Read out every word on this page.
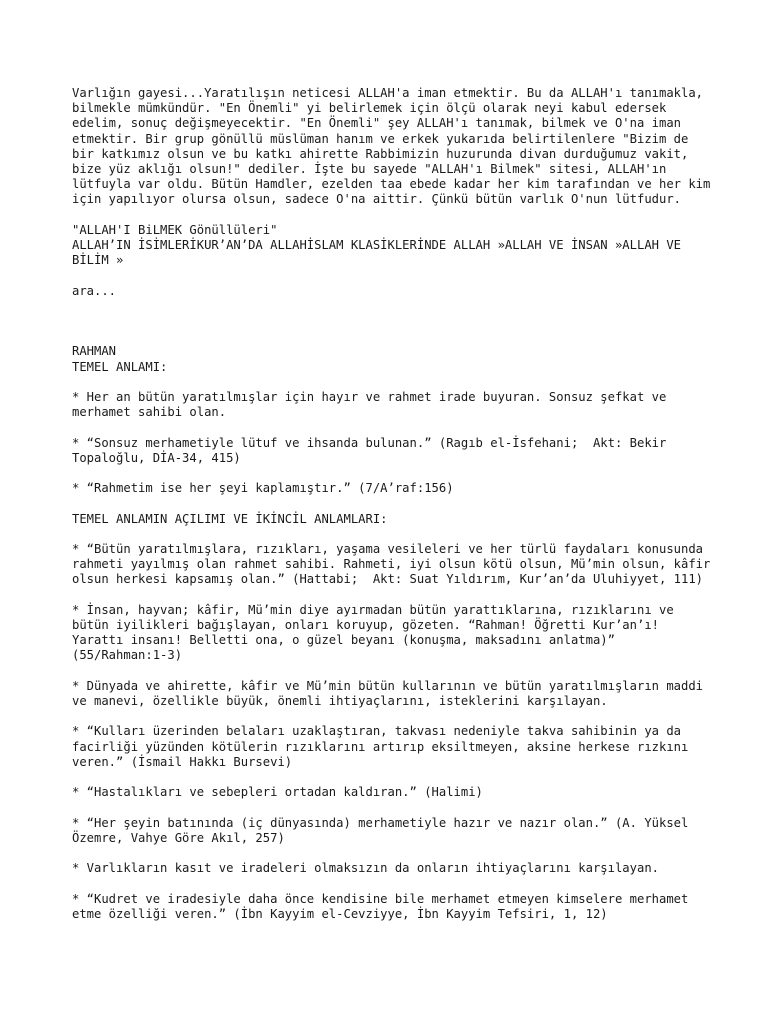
Varlığın gayesi...Yaratılışın neticesi ALLAH'a iman etmektir. Bu da ALLAH'ı tanımakla, bilmekle mümkündür. "En Önemli" yi belirlemek için ölçü olarak neyi kabul edersek edelim, sonuç değişmeyecektir. "En Önemli" şey ALLAH'ı tanımak, bilmek ve O'na iman etmektir. Bir grup gönüllü müslüman hanım ve erkek yukarıda belirtilenlere "Bizim de bir katkımız olsun ve bu katkı ahirette Rabbimizin huzurunda divan durduğumuz vakit, bize yüz aklığı olsun!" dediler. İşte bu sayede "ALLAH'ı Bilmek" sitesi, ALLAH'ın lütfuyla var oldu. Bütün Hamdler, ezelden taa ebede kadar her kim tarafından ve her kim için yapılıyor olursa olsun, sadece O'na aittir. Çünkü bütün varlık O'nun lütfudur.

"ALLAH'I BiLMEK Gönüllüleri"

ALLAH’IN İSİMLERİKUR’AN’DA ALLAHİSLAM KLASİKLERİNDE ALLAH »ALLAH VE İNSAN »ALLAH VE BİLİM »

ara...

RAHMAN

TEMEL ANLAMI:

* Her an bütün yaratılmışlar için hayır ve rahmet irade buyuran. Sonsuz şefkat ve merhamet sahibi olan.

* “Sonsuz merhametiyle lütuf ve ihsanda bulunan.” (Ragıb el-İsfehani;  Akt: Bekir Topaloğlu, DİA-34, 415)

* “Rahmetim ise her şeyi kaplamıştır.” (7/A’raf:156)

TEMEL ANLAMIN AÇILIMI VE İKİNCİL ANLAMLARI:

* “Bütün yaratılmışlara, rızıkları, yaşama vesileleri ve her türlü faydaları konusunda rahmeti yayılmış olan rahmet sahibi. Rahmeti, iyi olsun kötü olsun, Mü’min olsun, kâfir olsun herkesi kapsamış olan.” (Hattabi;  Akt: Suat Yıldırım, Kur’an’da Uluhiyyet, 111)

* İnsan, hayvan; kâfir, Mü’min diye ayırmadan bütün yarattıklarına, rızıklarını ve bütün iyilikleri bağışlayan, onları koruyup, gözeten. “Rahman! Öğretti Kur’an’ı! Yarattı insanı! Belletti ona, o güzel beyanı (konuşma, maksadını anlatma)” (55/Rahman:1-3)

* Dünyada ve ahirette, kâfir ve Mü’min bütün kullarının ve bütün yaratılmışların maddi ve manevi, özellikle büyük, önemli ihtiyaçlarını, isteklerini karşılayan.

* “Kulları üzerinden belaları uzaklaştıran, takvası nedeniyle takva sahibinin ya da facirliği yüzünden kötülerin rızıklarını artırıp eksiltmeyen, aksine herkese rızkını veren.” (İsmail Hakkı Bursevi)

* “Hastalıkları ve sebepleri ortadan kaldıran.” (Halimi)

* “Her şeyin batınında (iç dünyasında) merhametiyle hazır ve nazır olan.” (A. Yüksel Özemre, Vahye Göre Akıl, 257)

* Varlıkların kasıt ve iradeleri olmaksızın da onların ihtiyaçlarını karşılayan.

* “Kudret ve iradesiyle daha önce kendisine bile merhamet etmeyen kimselere merhamet etme özelliği veren.” (İbn Kayyim el-Cevziyye, İbn Kayyim Tefsiri, 1, 12)
